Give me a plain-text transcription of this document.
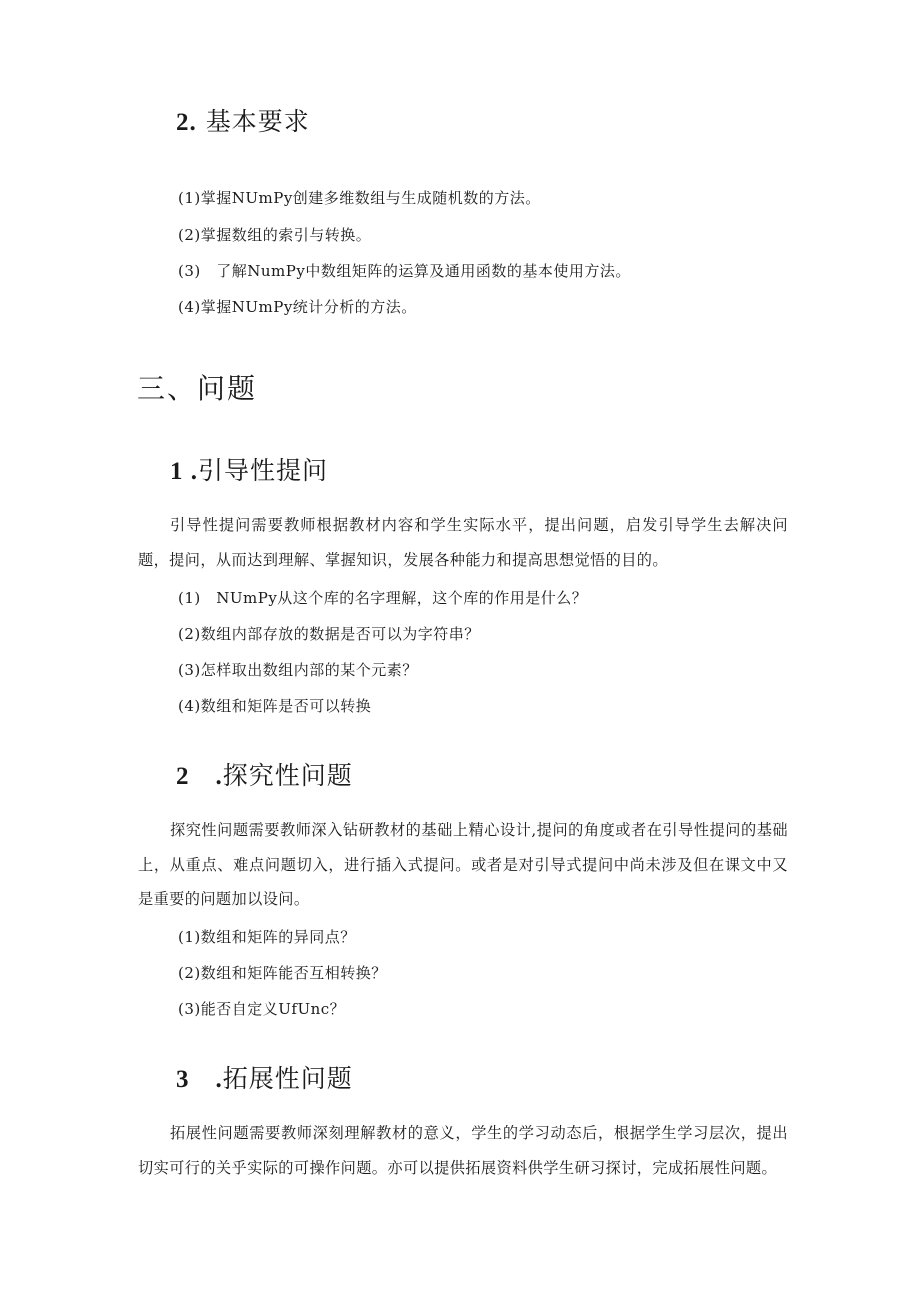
2. 基本要求
(1)掌握NUmPy创建多维数组与生成随机数的方法。
(2)掌握数组的索引与转换。
(3)　了解NumPy中数组矩阵的运算及通用函数的基本使用方法。
(4)掌握NUmPy统计分析的方法。
三、问题
1 .引导性提问
引导性提问需要教师根据教材内容和学生实际水平，提出问题，启发引导学生去解决问题，提问，从而达到理解、掌握知识，发展各种能力和提高思想觉悟的目的。
(1)　NUmPy从这个库的名字理解，这个库的作用是什么？
(2)数组内部存放的数据是否可以为字符串？
(3)怎样取出数组内部的某个元素？
(4)数组和矩阵是否可以转换
2　.探究性问题
探究性问题需要教师深入钻研教材的基础上精心设计,提问的角度或者在引导性提问的基础上，从重点、难点问题切入，进行插入式提问。或者是对引导式提问中尚未涉及但在课文中又是重要的问题加以设问。
(1)数组和矩阵的异同点？
(2)数组和矩阵能否互相转换？
(3)能否自定义UfUnc？
3　.拓展性问题
拓展性问题需要教师深刻理解教材的意义，学生的学习动态后，根据学生学习层次，提出切实可行的关乎实际的可操作问题。亦可以提供拓展资料供学生研习探讨，完成拓展性问题。
